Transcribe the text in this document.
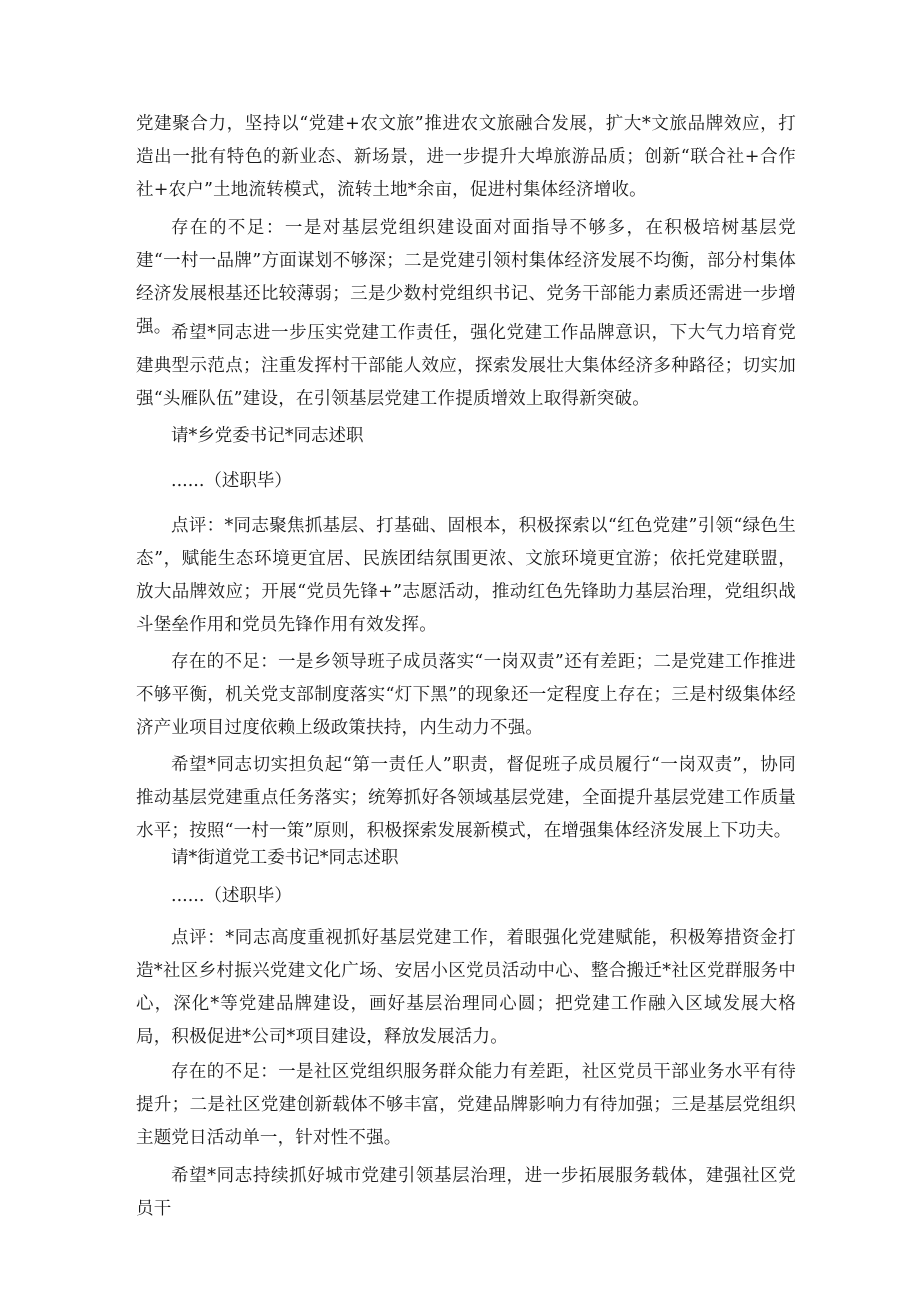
党建聚合力，坚持以“党建+农文旅”推进农文旅融合发展，扩大*文旅品牌效应，打造出一批有特色的新业态、新场景，进一步提升大埠旅游品质；创新“联合社+合作社+农户”土地流转模式，流转土地*余亩，促进村集体经济增收。

存在的不足：一是对基层党组织建设面对面指导不够多，在积极培树基层党建“一村一品牌”方面谋划不够深；二是党建引领村集体经济发展不均衡，部分村集体经济发展根基还比较薄弱；三是少数村党组织书记、党务干部能力素质还需进一步增强。 希望*同志进一步压实党建工作责任，强化党建工作品牌意识，下大气力培育党建典型示范点；注重发挥村干部能人效应，探索发展壮大集体经济多种路径；切实加强“头雁队伍”建设，在引领基层党建工作提质增效上取得新突破。

请*乡党委书记*同志述职

......（述职毕）

点评：*同志聚焦抓基层、打基础、固根本，积极探索以“红色党建”引领“绿色生态”，赋能生态环境更宜居、民族团结氛围更浓、文旅环境更宜游；依托党建联盟，放大品牌效应；开展“党员先锋+”志愿活动，推动红色先锋助力基层治理，党组织战斗堡垒作用和党员先锋作用有效发挥。

存在的不足：一是乡领导班子成员落实“一岗双责”还有差距；二是党建工作推进不够平衡，机关党支部制度落实“灯下黑”的现象还一定程度上存在；三是村级集体经济产业项目过度依赖上级政策扶持，内生动力不强。

希望*同志切实担负起“第一责任人”职责，督促班子成员履行“一岗双责”，协同推动基层党建重点任务落实；统筹抓好各领域基层党建，全面提升基层党建工作质量水平；按照“一村一策”原则，积极探索发展新模式，在增强集体经济发展上下功夫。

请*街道党工委书记*同志述职

......（述职毕）

点评：*同志高度重视抓好基层党建工作，着眼强化党建赋能，积极筹措资金打造*社区乡村振兴党建文化广场、安居小区党员活动中心、整合搬迁*社区党群服务中心，深化*等党建品牌建设，画好基层治理同心圆；把党建工作融入区域发展大格局，积极促进*公司*项目建设，释放发展活力。

存在的不足：一是社区党组织服务群众能力有差距，社区党员干部业务水平有待提升；二是社区党建创新载体不够丰富，党建品牌影响力有待加强；三是基层党组织主题党日活动单一，针对性不强。

希望*同志持续抓好城市党建引领基层治理，进一步拓展服务载体，建强社区党员干
